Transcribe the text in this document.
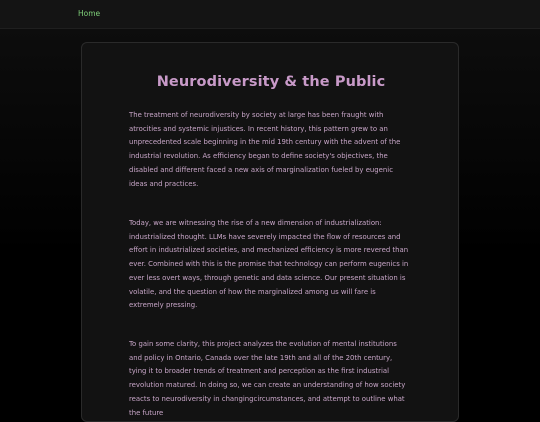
Home
Neurodiversity & the Public

The treatment of neurodiversity by society at large has been fraught with atrocities and systemic injustices. In recent history, this pattern grew to an unprecedented scale beginning in the mid 19th century with the advent of the industrial revolution. As efficiency began to define society's objectives, the disabled and different faced a new axis of marginalization fueled by eugenic ideas and practices.

Today, we are witnessing the rise of a new dimension of industrialization: industrialized thought. LLMs have severely impacted the flow of resources and effort in industrialized societies, and mechanized efficiency is more revered than ever. Combined with this is the promise that technology can perform eugenics in ever less overt ways, through genetic and data science. Our present situation is volatile, and the question of how the marginalized among us will fare is extremely pressing.

To gain some clarity, this project analyzes the evolution of mental institutions and policy in Ontario, Canada over the late 19th and all of the 20th century, tying it to broader trends of treatment and perception as the first industrial revolution matured. In doing so, we can create an understanding of how society reacts to neurodiversity in changingcircumstances, and attempt to outline what the future
